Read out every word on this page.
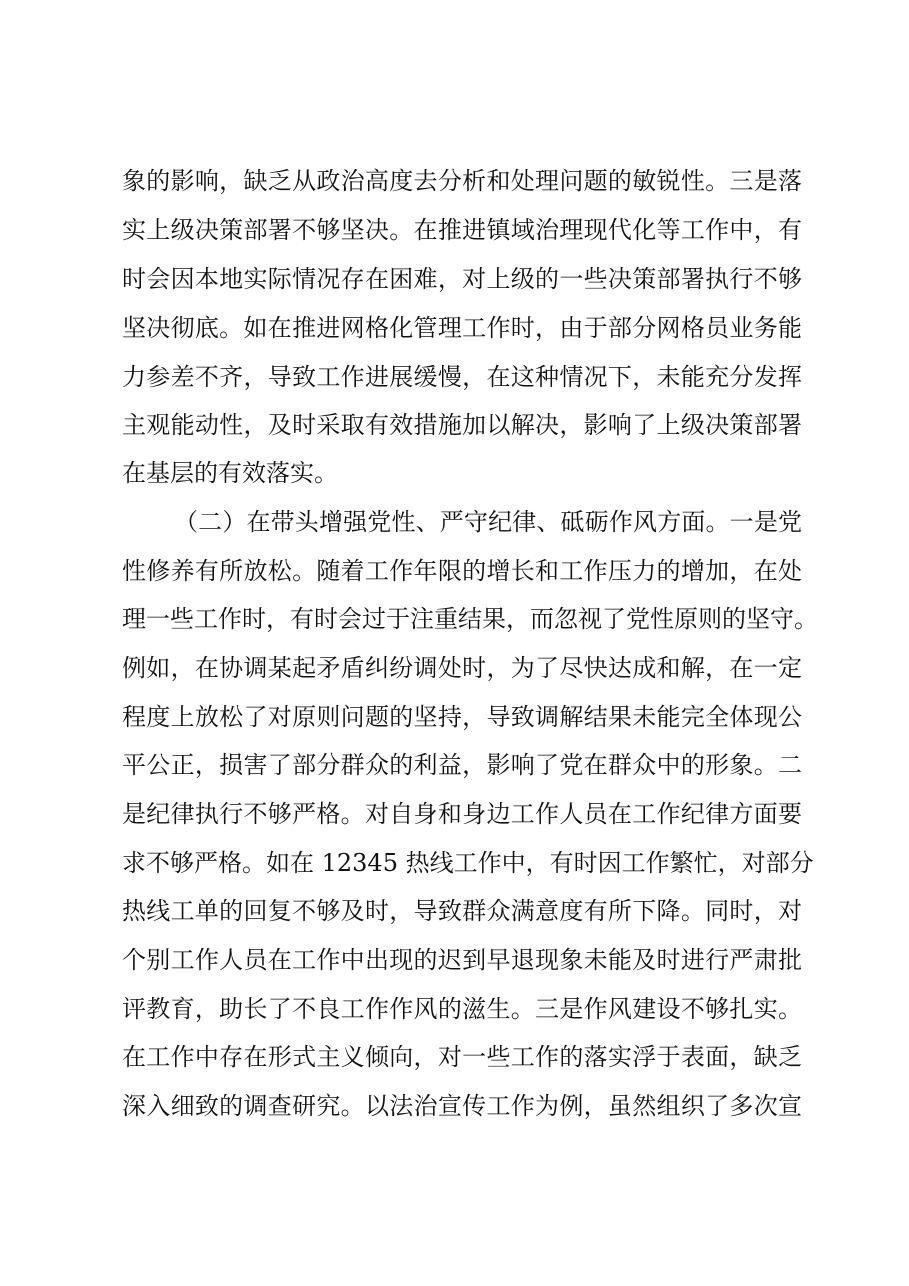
象的影响，缺乏从政治高度去分析和处理问题的敏锐性。三是落
实上级决策部署不够坚决。在推进镇域治理现代化等工作中，有
时会因本地实际情况存在困难，对上级的一些决策部署执行不够
坚决彻底。如在推进网格化管理工作时，由于部分网格员业务能
力参差不齐，导致工作进展缓慢，在这种情况下，未能充分发挥
主观能动性，及时采取有效措施加以解决，影响了上级决策部署
在基层的有效落实。
（二）在带头增强党性、严守纪律、砥砺作风方面。一是党
性修养有所放松。随着工作年限的增长和工作压力的增加，在处
理一些工作时，有时会过于注重结果，而忽视了党性原则的坚守。
例如，在协调某起矛盾纠纷调处时，为了尽快达成和解，在一定
程度上放松了对原则问题的坚持，导致调解结果未能完全体现公
平公正，损害了部分群众的利益，影响了党在群众中的形象。二
是纪律执行不够严格。对自身和身边工作人员在工作纪律方面要
求不够严格。如在 12345 热线工作中，有时因工作繁忙，对部分
热线工单的回复不够及时，导致群众满意度有所下降。同时，对
个别工作人员在工作中出现的迟到早退现象未能及时进行严肃批
评教育，助长了不良工作作风的滋生。三是作风建设不够扎实。
在工作中存在形式主义倾向，对一些工作的落实浮于表面，缺乏
深入细致的调查研究。以法治宣传工作为例，虽然组织了多次宣
